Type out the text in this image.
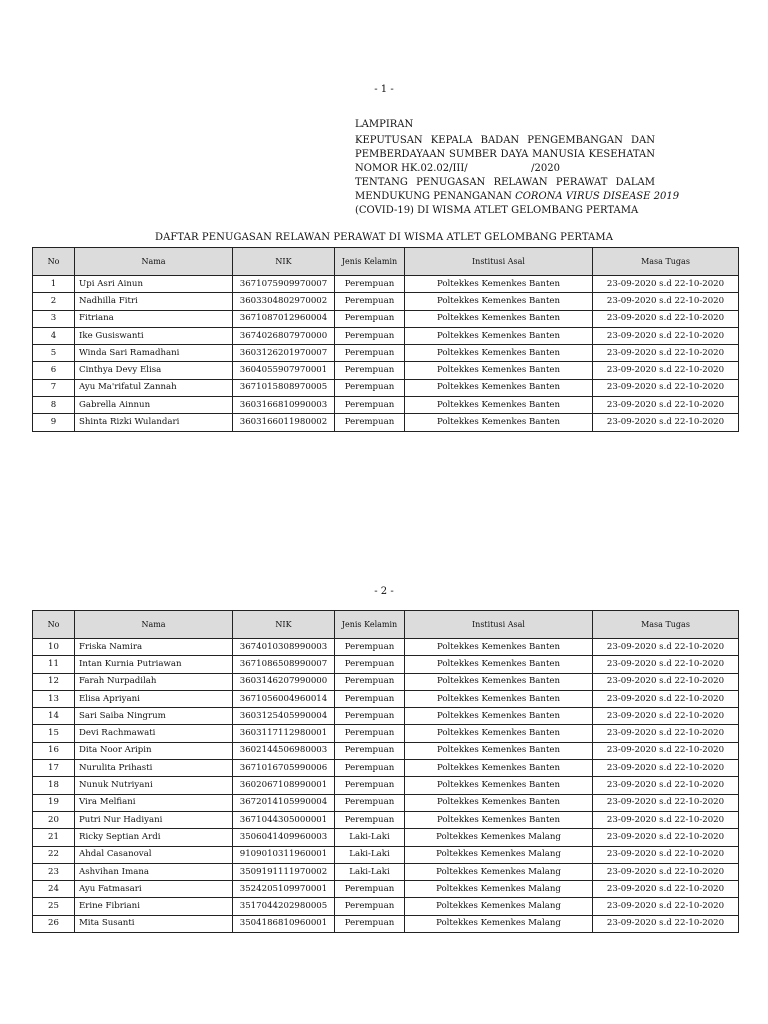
- 1 -
LAMPIRAN
KEPUTUSAN KEPALA BADAN PENGEMBANGAN DAN
PEMBERDAYAAN SUMBER DAYA MANUSIA KESEHATAN
NOMOR HK.02.02/III/	/2020
TENTANG PENUGASAN RELAWAN PERAWAT DALAM
MENDUKUNG PENANGANAN CORONA VIRUS DISEASE 2019
(COVID-19) DI WISMA ATLET GELOMBANG PERTAMA
DAFTAR PENUGASAN RELAWAN PERAWAT DI WISMA ATLET GELOMBANG PERTAMA
No	Nama	NIK	Jenis Kelamin	Institusi Asal	Masa Tugas
1	Upi Asri Ainun	3671075909970007	Perempuan	Poltekkes Kemenkes Banten	23-09-2020 s.d 22-10-2020
2	Nadhilla Fitri	3603304802970002	Perempuan	Poltekkes Kemenkes Banten	23-09-2020 s.d 22-10-2020
3	Fitriana	3671087012960004	Perempuan	Poltekkes Kemenkes Banten	23-09-2020 s.d 22-10-2020
4	Ike Gusiswanti	3674026807970000	Perempuan	Poltekkes Kemenkes Banten	23-09-2020 s.d 22-10-2020
5	Winda Sari Ramadhani	3603126201970007	Perempuan	Poltekkes Kemenkes Banten	23-09-2020 s.d 22-10-2020
6	Cinthya Devy Elisa	3604055907970001	Perempuan	Poltekkes Kemenkes Banten	23-09-2020 s.d 22-10-2020
7	Ayu Ma'rifatul Zannah	3671015808970005	Perempuan	Poltekkes Kemenkes Banten	23-09-2020 s.d 22-10-2020
8	Gabrella Ainnun	3603166810990003	Perempuan	Poltekkes Kemenkes Banten	23-09-2020 s.d 22-10-2020
9	Shinta Rizki Wulandari	3603166011980002	Perempuan	Poltekkes Kemenkes Banten	23-09-2020 s.d 22-10-2020
- 2 -
No	Nama	NIK	Jenis Kelamin	Institusi Asal	Masa Tugas
10	Friska Namira	3674010308990003	Perempuan	Poltekkes Kemenkes Banten	23-09-2020 s.d 22-10-2020
11	Intan Kurnia Putriawan	3671086508990007	Perempuan	Poltekkes Kemenkes Banten	23-09-2020 s.d 22-10-2020
12	Farah Nurpadilah	3603146207990000	Perempuan	Poltekkes Kemenkes Banten	23-09-2020 s.d 22-10-2020
13	Elisa Apriyani	3671056004960014	Perempuan	Poltekkes Kemenkes Banten	23-09-2020 s.d 22-10-2020
14	Sari Saiba Ningrum	3603125405990004	Perempuan	Poltekkes Kemenkes Banten	23-09-2020 s.d 22-10-2020
15	Devi Rachmawati	3603117112980001	Perempuan	Poltekkes Kemenkes Banten	23-09-2020 s.d 22-10-2020
16	Dita Noor Aripin	3602144506980003	Perempuan	Poltekkes Kemenkes Banten	23-09-2020 s.d 22-10-2020
17	Nurulita Prihasti	3671016705990006	Perempuan	Poltekkes Kemenkes Banten	23-09-2020 s.d 22-10-2020
18	Nunuk Nutriyani	3602067108990001	Perempuan	Poltekkes Kemenkes Banten	23-09-2020 s.d 22-10-2020
19	Vira Melfiani	3672014105990004	Perempuan	Poltekkes Kemenkes Banten	23-09-2020 s.d 22-10-2020
20	Putri Nur Hadiyani	3671044305000001	Perempuan	Poltekkes Kemenkes Banten	23-09-2020 s.d 22-10-2020
21	Ricky Septian Ardi	3506041409960003	Laki-Laki	Poltekkes Kemenkes Malang	23-09-2020 s.d 22-10-2020
22	Ahdal Casanoval	9109010311960001	Laki-Laki	Poltekkes Kemenkes Malang	23-09-2020 s.d 22-10-2020
23	Ashvihan Imana	3509191111970002	Laki-Laki	Poltekkes Kemenkes Malang	23-09-2020 s.d 22-10-2020
24	Ayu Fatmasari	3524205109970001	Perempuan	Poltekkes Kemenkes Malang	23-09-2020 s.d 22-10-2020
25	Erine Fibriani	3517044202980005	Perempuan	Poltekkes Kemenkes Malang	23-09-2020 s.d 22-10-2020
26	Mita Susanti	3504186810960001	Perempuan	Poltekkes Kemenkes Malang	23-09-2020 s.d 22-10-2020
